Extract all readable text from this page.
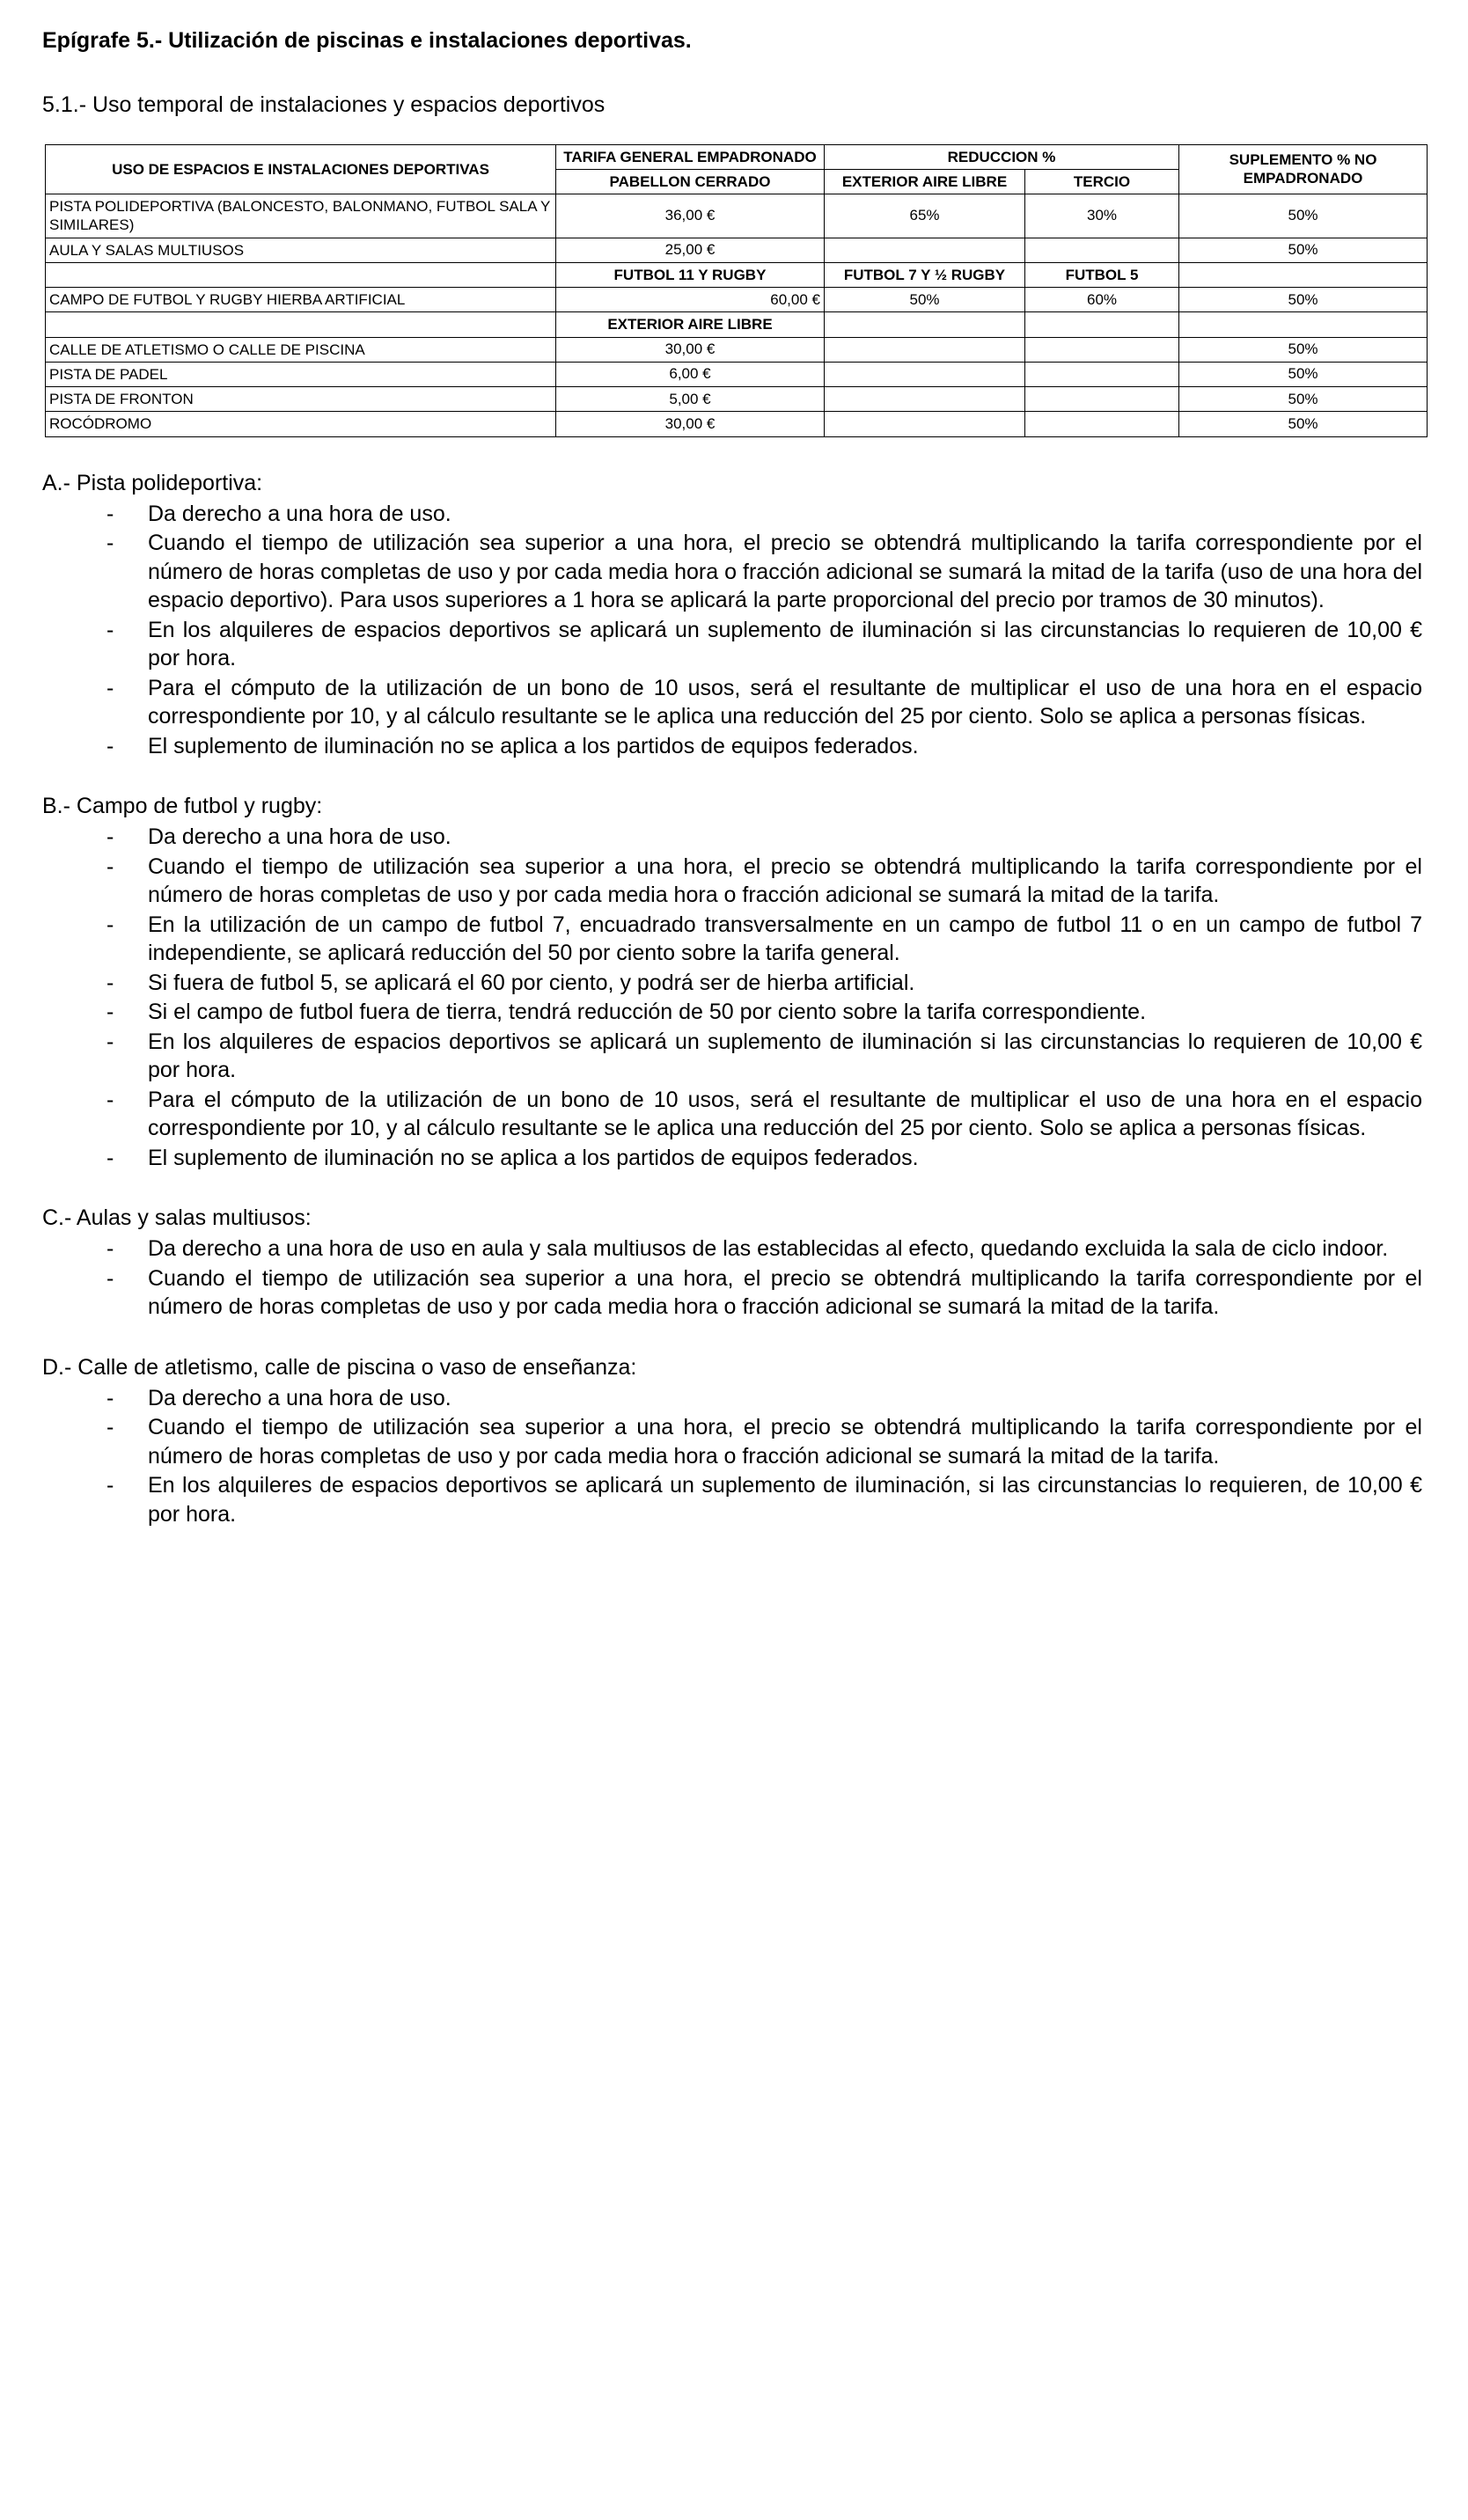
Epígrafe 5.- Utilización de piscinas e instalaciones deportivas.

5.1.- Uso temporal de instalaciones y espacios deportivos

USO DE ESPACIOS E INSTALACIONES DEPORTIVAS	TARIFA GENERAL EMPADRONADO	REDUCCION %		SUPLEMENTO % NO EMPADRONADO
	PABELLON CERRADO	EXTERIOR AIRE LIBRE	TERCIO	
PISTA POLIDEPORTIVA (BALONCESTO, BALONMANO, FUTBOL SALA Y SIMILARES)	36,00 €	65%	30%	50%
AULA Y SALAS MULTIUSOS	25,00 €			50%
	FUTBOL 11 Y RUGBY	FUTBOL 7 Y ½ RUGBY	FUTBOL 5	
CAMPO DE FUTBOL Y RUGBY HIERBA ARTIFICIAL	60,00 €	50%	60%	50%
	EXTERIOR AIRE LIBRE			
CALLE DE ATLETISMO O CALLE DE PISCINA	30,00 €			50%
PISTA DE PADEL	6,00 €			50%
PISTA DE FRONTON	5,00 €			50%
ROCÓDROMO	30,00 €			50%

A.- Pista polideportiva:

- Da derecho a una hora de uso.
- Cuando el tiempo de utilización sea superior a una hora, el precio se obtendrá multiplicando la tarifa correspondiente por el número de horas completas de uso y por cada media hora o fracción adicional se sumará la mitad de la tarifa (uso de una hora del espacio deportivo). Para usos superiores a 1 hora se aplicará la parte proporcional del precio por tramos de 30 minutos).
- En los alquileres de espacios deportivos se aplicará un suplemento de iluminación si las circunstancias lo requieren de 10,00 € por hora.
- Para el cómputo de la utilización de un bono de 10 usos, será el resultante de multiplicar el uso de una hora en el espacio correspondiente por 10, y al cálculo resultante se le aplica una reducción del 25 por ciento. Solo se aplica a personas físicas.
- El suplemento de iluminación no se aplica a los partidos de equipos federados.

B.- Campo de futbol y rugby:

- Da derecho a una hora de uso.
- Cuando el tiempo de utilización sea superior a una hora, el precio se obtendrá multiplicando la tarifa correspondiente por el número de horas completas de uso y por cada media hora o fracción adicional se sumará la mitad de la tarifa.
- En la utilización de un campo de futbol 7, encuadrado transversalmente en un campo de futbol 11 o en un campo de futbol 7 independiente, se aplicará reducción del 50 por ciento sobre la tarifa general.
- Si fuera de futbol 5, se aplicará el 60 por ciento, y podrá ser de hierba artificial.
- Si el campo de futbol fuera de tierra, tendrá reducción de 50 por ciento sobre la tarifa correspondiente.
- En los alquileres de espacios deportivos se aplicará un suplemento de iluminación si las circunstancias lo requieren de 10,00 € por hora.
- Para el cómputo de la utilización de un bono de 10 usos, será el resultante de multiplicar el uso de una hora en el espacio correspondiente por 10, y al cálculo resultante se le aplica una reducción del 25 por ciento. Solo se aplica a personas físicas.
- El suplemento de iluminación no se aplica a los partidos de equipos federados.

C.- Aulas y salas multiusos:

- Da derecho a una hora de uso en aula y sala multiusos de las establecidas al efecto, quedando excluida la sala de ciclo indoor.
- Cuando el tiempo de utilización sea superior a una hora, el precio se obtendrá multiplicando la tarifa correspondiente por el número de horas completas de uso y por cada media hora o fracción adicional se sumará la mitad de la tarifa.

D.- Calle de atletismo, calle de piscina o vaso de enseñanza:

- Da derecho a una hora de uso.
- Cuando el tiempo de utilización sea superior a una hora, el precio se obtendrá multiplicando la tarifa correspondiente por el número de horas completas de uso y por cada media hora o fracción adicional se sumará la mitad de la tarifa.
- En los alquileres de espacios deportivos se aplicará un suplemento de iluminación, si las circunstancias lo requieren, de 10,00 € por hora.
